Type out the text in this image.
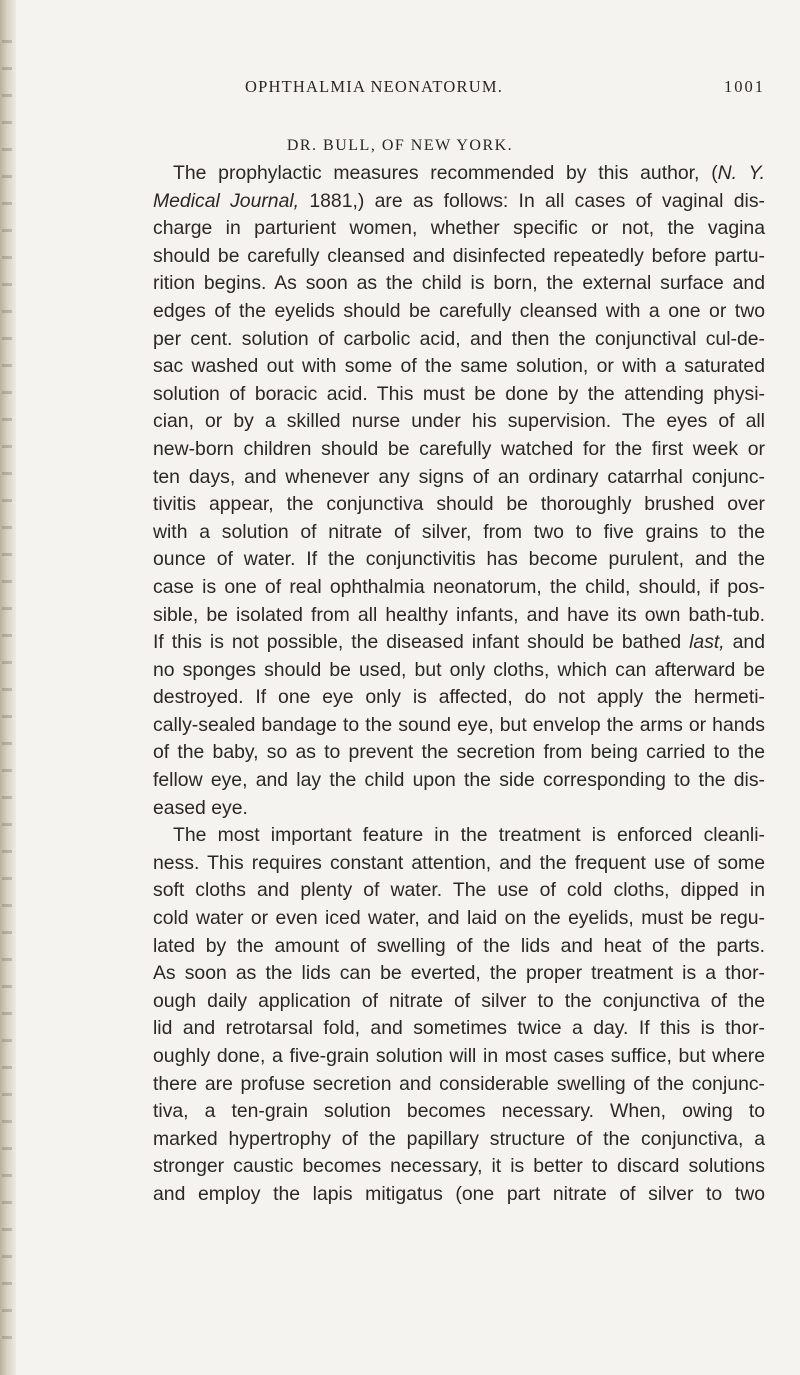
OPHTHALMIA NEONATORUM.	1001
DR. BULL, OF NEW YORK.
The prophylactic measures recommended by this author, (N. Y.
Medical Journal, 1881,) are as follows: In all cases of vaginal dis-
charge in parturient women, whether specific or not, the vagina
should be carefully cleansed and disinfected repeatedly before partu-
rition begins. As soon as the child is born, the external surface and
edges of the eyelids should be carefully cleansed with a one or two
per cent. solution of carbolic acid, and then the conjunctival cul-de-
sac washed out with some of the same solution, or with a saturated
solution of boracic acid. This must be done by the attending physi-
cian, or by a skilled nurse under his supervision. The eyes of all
new-born children should be carefully watched for the first week or
ten days, and whenever any signs of an ordinary catarrhal conjunc-
tivitis appear, the conjunctiva should be thoroughly brushed over
with a solution of nitrate of silver, from two to five grains to the
ounce of water. If the conjunctivitis has become purulent, and the
case is one of real ophthalmia neonatorum, the child, should, if pos-
sible, be isolated from all healthy infants, and have its own bath-tub.
If this is not possible, the diseased infant should be bathed last, and
no sponges should be used, but only cloths, which can afterward be
destroyed. If one eye only is affected, do not apply the hermeti-
cally-sealed bandage to the sound eye, but envelop the arms or hands
of the baby, so as to prevent the secretion from being carried to the
fellow eye, and lay the child upon the side corresponding to the dis-
eased eye.
The most important feature in the treatment is enforced cleanli-
ness. This requires constant attention, and the frequent use of some
soft cloths and plenty of water. The use of cold cloths, dipped in
cold water or even iced water, and laid on the eyelids, must be regu-
lated by the amount of swelling of the lids and heat of the parts.
As soon as the lids can be everted, the proper treatment is a thor-
ough daily application of nitrate of silver to the conjunctiva of the
lid and retrotarsal fold, and sometimes twice a day. If this is thor-
oughly done, a five-grain solution will in most cases suffice, but where
there are profuse secretion and considerable swelling of the conjunc-
tiva, a ten-grain solution becomes necessary. When, owing to
marked hypertrophy of the papillary structure of the conjunctiva, a
stronger caustic becomes necessary, it is better to discard solutions
and employ the lapis mitigatus (one part nitrate of silver to two
